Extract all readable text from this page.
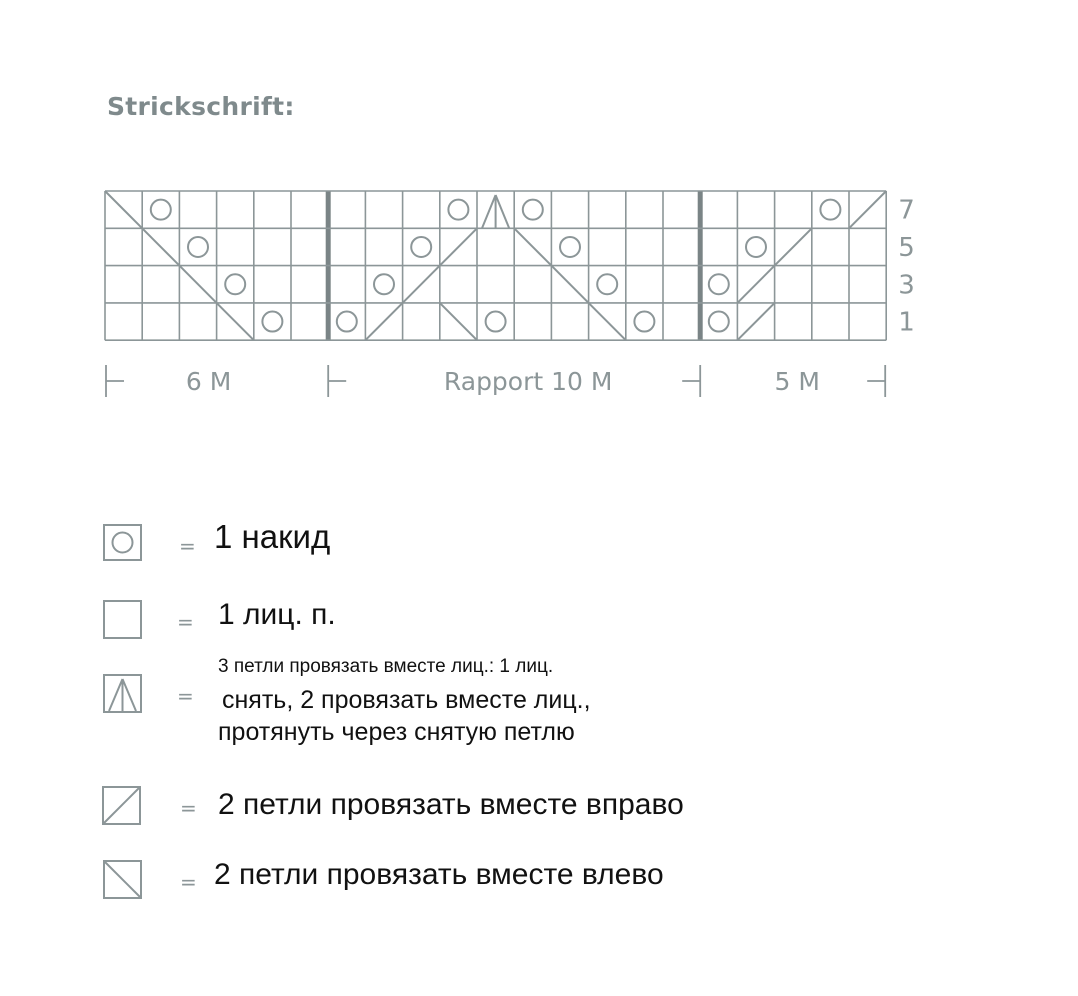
Strickschrift:
7
5
3
1
6 M	Rapport 10 M	5 M
= 1 накид
= 1 лиц. п.
=
3 петли провязать вместе лиц.: 1 лиц.
снять, 2 провязать вместе лиц.,
протянуть через снятую петлю
= 2 петли провязать вместе вправо
= 2 петли провязать вместе влево
